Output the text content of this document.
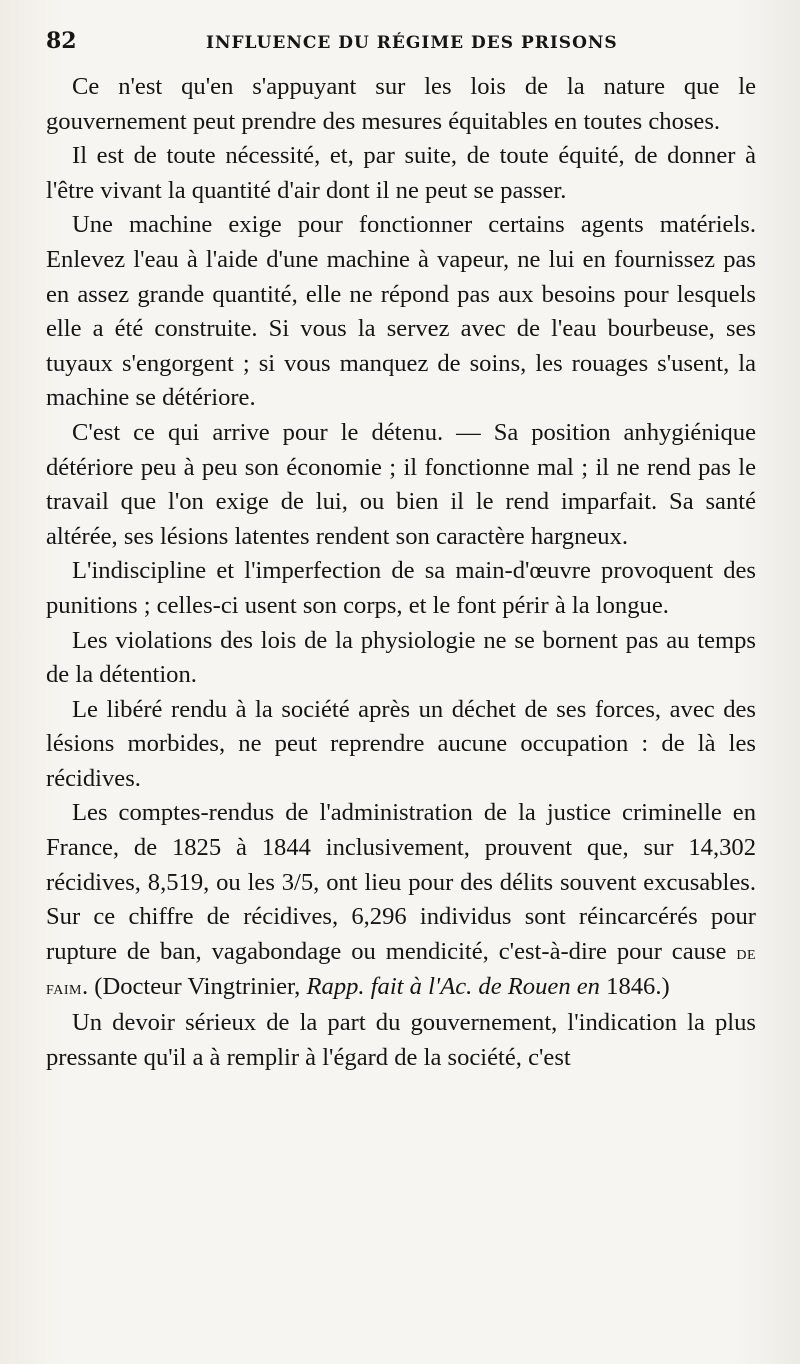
82	INFLUENCE DU RÉGIME DES PRISONS

Ce n'est qu'en s'appuyant sur les lois de la nature que le gouvernement peut prendre des mesures équitables en toutes choses.

Il est de toute nécessité, et, par suite, de toute équité, de donner à l'être vivant la quantité d'air dont il ne peut se passer.

Une machine exige pour fonctionner certains agents matériels. Enlevez l'eau à l'aide d'une machine à vapeur, ne lui en fournissez pas en assez grande quantité, elle ne répond pas aux besoins pour lesquels elle a été construite. Si vous la servez avec de l'eau bourbeuse, ses tuyaux s'engorgent ; si vous manquez de soins, les rouages s'usent, la machine se détériore.

C'est ce qui arrive pour le détenu. — Sa position anhygiénique détériore peu à peu son économie ; il fonctionne mal ; il ne rend pas le travail que l'on exige de lui, ou bien il le rend imparfait. Sa santé altérée, ses lésions latentes rendent son caractère hargneux.

L'indiscipline et l'imperfection de sa main-d'œuvre provoquent des punitions ; celles-ci usent son corps, et le font périr à la longue.

Les violations des lois de la physiologie ne se bornent pas au temps de la détention.

Le libéré rendu à la société après un déchet de ses forces, avec des lésions morbides, ne peut reprendre aucune occupation : de là les récidives.

Les comptes-rendus de l'administration de la justice criminelle en France, de 1825 à 1844 inclusivement, prouvent que, sur 14,302 récidives, 8,519, ou les 3/5, ont lieu pour des délits souvent excusables. Sur ce chiffre de récidives, 6,296 individus sont réincarcérés pour rupture de ban, vagabondage ou mendicité, c'est-à-dire pour cause de faim. (Docteur Vingtrinier, Rapp. fait à l'Ac. de Rouen en 1846.)

Un devoir sérieux de la part du gouvernement, l'indication la plus pressante qu'il a à remplir à l'égard de la société, c'est
